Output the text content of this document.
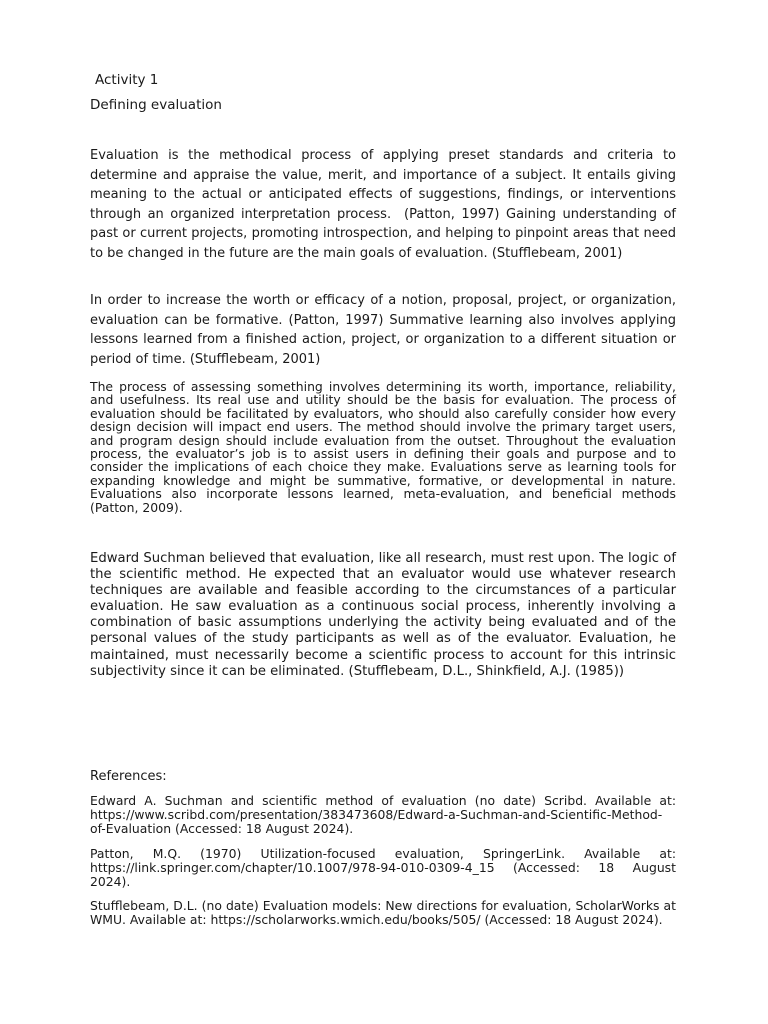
Activity 1
Defining evaluation

Evaluation is the methodical process of applying preset standards and criteria to determine and appraise the value, merit, and importance of a subject. It entails giving meaning to the actual or anticipated effects of suggestions, findings, or interventions through an organized interpretation process.  (Patton, 1997) Gaining understanding of past or current projects, promoting introspection, and helping to pinpoint areas that need to be changed in the future are the main goals of evaluation. (Stufflebeam, 2001)

In order to increase the worth or efficacy of a notion, proposal, project, or organization, evaluation can be formative. (Patton, 1997) Summative learning also involves applying lessons learned from a finished action, project, or organization to a different situation or period of time. (Stufflebeam, 2001)

The process of assessing something involves determining its worth, importance, reliability, and usefulness. Its real use and utility should be the basis for evaluation. The process of evaluation should be facilitated by evaluators, who should also carefully consider how every design decision will impact end users. The method should involve the primary target users, and program design should include evaluation from the outset. Throughout the evaluation process, the evaluator’s job is to assist users in defining their goals and purpose and to consider the implications of each choice they make. Evaluations serve as learning tools for expanding knowledge and might be summative, formative, or developmental in nature. Evaluations also incorporate lessons learned, meta-evaluation, and beneficial methods (Patton, 2009).

Edward Suchman believed that evaluation, like all research, must rest upon. The logic of the scientific method. He expected that an evaluator would use whatever research techniques are available and feasible according to the circumstances of a particular evaluation. He saw evaluation as a continuous social process, inherently involving a combination of basic assumptions underlying the activity being evaluated and of the personal values of the study participants as well as of the evaluator. Evaluation, he maintained, must necessarily become a scientific process to account for this intrinsic subjectivity since it can be eliminated. (Stufflebeam, D.L., Shinkfield, A.J. (1985))

References:

Edward A. Suchman and scientific method of evaluation (no date) Scribd. Available at: https://www.scribd.com/presentation/383473608/Edward-a-Suchman-and-Scientific-Method-of-Evaluation (Accessed: 18 August 2024).

Patton, M.Q. (1970) Utilization-focused evaluation, SpringerLink. Available at: https://link.springer.com/chapter/10.1007/978-94-010-0309-4_15 (Accessed: 18 August 2024).

Stufflebeam, D.L. (no date) Evaluation models: New directions for evaluation, ScholarWorks at WMU. Available at: https://scholarworks.wmich.edu/books/505/ (Accessed: 18 August 2024).
